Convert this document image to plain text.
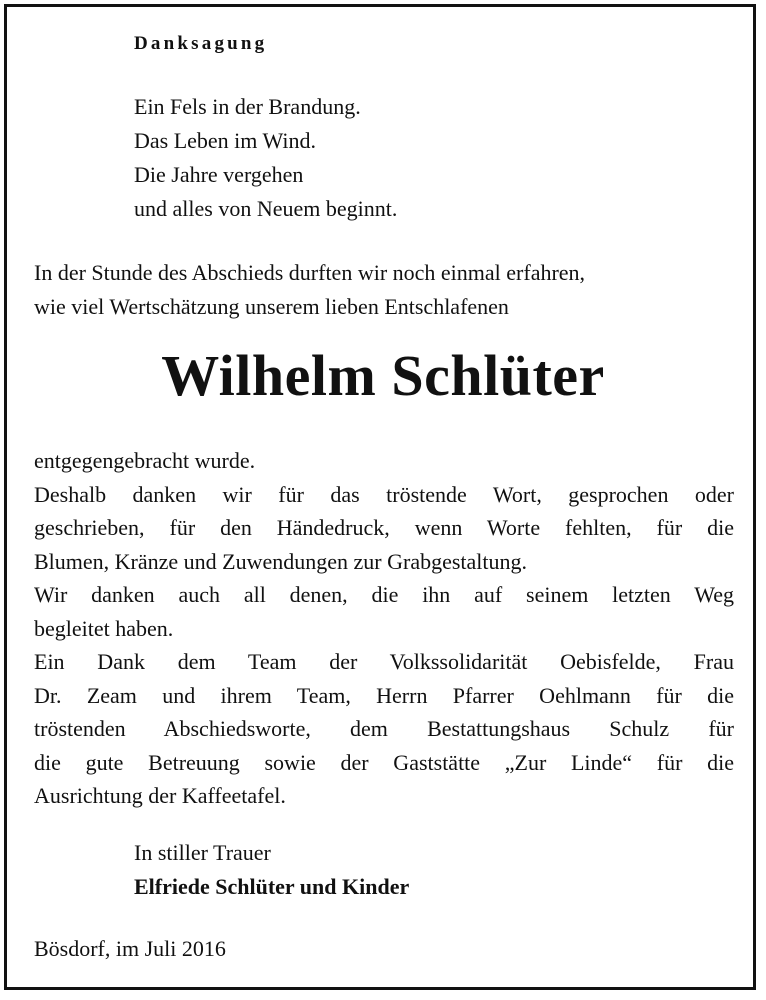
Danksagung
Ein Fels in der Brandung.
Das Leben im Wind.
Die Jahre vergehen
und alles von Neuem beginnt.
In der Stunde des Abschieds durften wir noch einmal erfahren,
wie viel Wertschätzung unserem lieben Entschlafenen
Wilhelm Schlüter
entgegengebracht wurde.
Deshalb danken wir für das tröstende Wort, gesprochen oder
geschrieben, für den Händedruck, wenn Worte fehlten, für die
Blumen, Kränze und Zuwendungen zur Grabgestaltung.
Wir danken auch all denen, die ihn auf seinem letzten Weg
begleitet haben.
Ein Dank dem Team der Volkssolidarität Oebisfelde, Frau
Dr. Zeam und ihrem Team, Herrn Pfarrer Oehlmann für die
tröstenden Abschiedsworte, dem Bestattungshaus Schulz für
die gute Betreuung sowie der Gaststätte „Zur Linde“ für die
Ausrichtung der Kaffeetafel.
In stiller Trauer
Elfriede Schlüter und Kinder
Bösdorf, im Juli 2016
